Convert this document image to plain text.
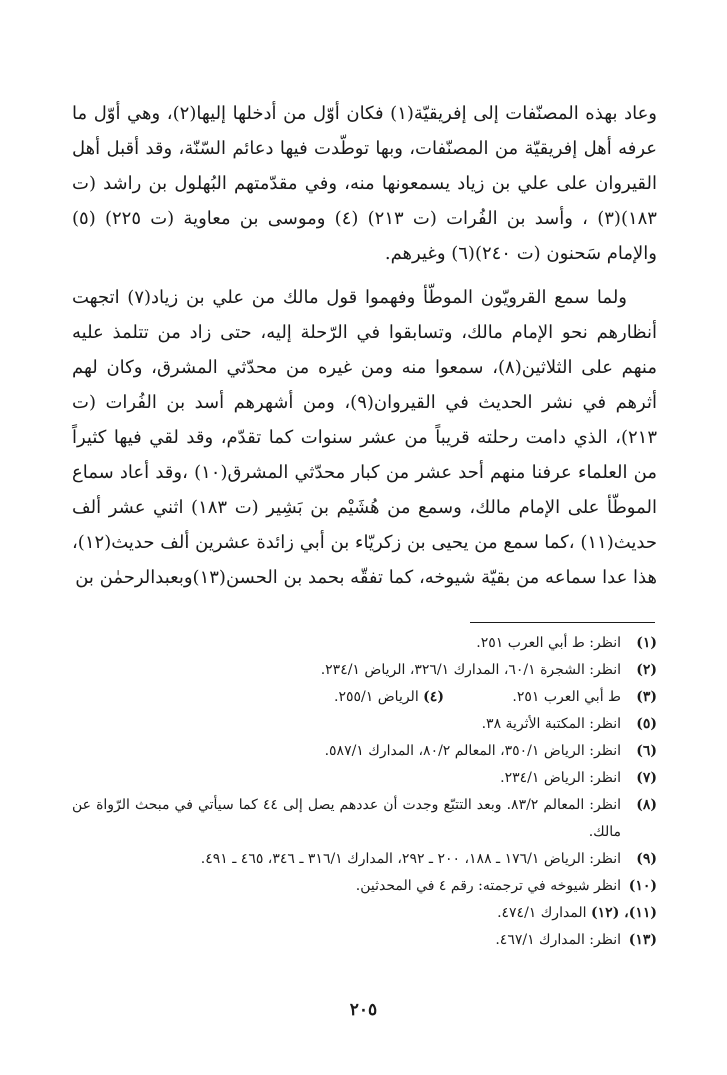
وعاد بهذه المصنّفات إلى إفريقيّة(١) فكان أوّل من أدخلها إليها(٢)، وهي أوّل ما عرفه أهل إفريقيّة من المصنّفات، وبها توطّدت فيها دعائم السّنّة، وقد أقبل أهل القيروان على علي بن زياد يسمعونها منه، وفي مقدّمتهم البُهلول بن راشد (ت ١٨٣)(٣) ، وأسد بن الفُرات (ت ٢١٣) (٤) وموسى بن معاوية (ت ٢٢٥) (٥) والإمام سَحنون (ت ٢٤٠)(٦) وغيرهم.

ولما سمع القرويّون الموطّأ وفهموا قول مالك من علي بن زياد(٧) اتجهت أنظارهم نحو الإمام مالك، وتسابقوا في الرّحلة إليه، حتى زاد من تتلمذ عليه منهم على الثلاثين(٨)، سمعوا منه ومن غيره من محدّثي المشرق، وكان لهم أثرهم في نشر الحديث في القيروان(٩)، ومن أشهرهم أسد بن الفُرات (ت ٢١٣)، الذي دامت رحلته قريباً من عشر سنوات كما تقدّم، وقد لقي فيها كثيراً من العلماء عرفنا منهم أحد عشر من كبار محدّثي المشرق(١٠) ،وقد أعاد سماع الموطّأ على الإمام مالك، وسمع من هُشَيْم بن بَشِير (ت ١٨٣) اثني عشر ألف حديث(١١) ،كما سمع من يحيى بن زكريّاء بن أبي زائدة عشرين ألف حديث(١٢)، هذا عدا سماعه من بقيّة شيوخه، كما تفقّه بحمد بن الحسن(١٣)وبعبدالرحمٰن بن

(١)
انظر: ط أبي العرب ٢٥١.

(٢)
انظر: الشجرة ٦٠/١، المدارك ٣٢٦/١، الرياض ٢٣٤/١.

(٣)
ط أبي العرب ٢٥١. (٤) الرياض ٢٥٥/١.

(٥)
انظر: المكتبة الأثرية ٣٨.

(٦)
انظر: الرياض ٣٥٠/١، المعالم ٨٠/٢، المدارك ٥٨٧/١.

(٧)
انظر: الرياض ٢٣٤/١.

(٨)
انظر: المعالم ٨٣/٢. وبعد التتبّع وجدت أن عددهم يصل إلى ٤٤ كما سيأتي في مبحث الرّواة عن مالك.

(٩)
انظر: الرياض ١٧٦/١ ـ ١٨٨، ٢٠٠ ـ ٢٩٢، المدارك ٣١٦/١ ـ ٣٤٦، ٤٦٥ ـ ٤٩١.

(١٠)
انظر شيوخه في ترجمته: رقم ٤ في المحدثين.

(١١)، (١٢) المدارك ٤٧٤/١.

(١٣)
انظر: المدارك ٤٦٧/١.

٢٠٥
